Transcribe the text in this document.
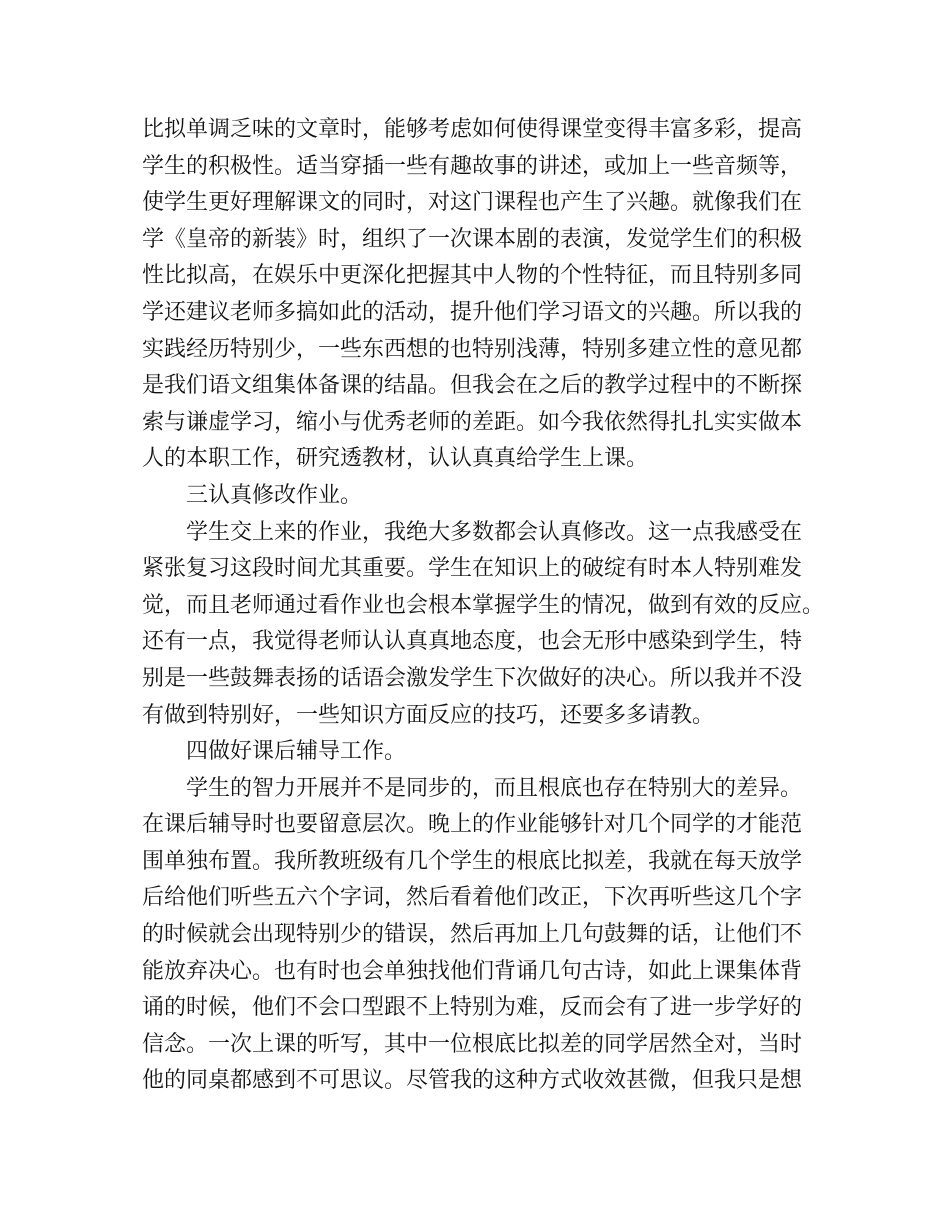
比拟单调乏味的文章时，能够考虑如何使得课堂变得丰富多彩，提高
学生的积极性。适当穿插一些有趣故事的讲述，或加上一些音频等，
使学生更好理解课文的同时，对这门课程也产生了兴趣。就像我们在
学《皇帝的新装》时，组织了一次课本剧的表演，发觉学生们的积极
性比拟高，在娱乐中更深化把握其中人物的个性特征，而且特别多同
学还建议老师多搞如此的活动，提升他们学习语文的兴趣。所以我的
实践经历特别少，一些东西想的也特别浅薄，特别多建立性的意见都
是我们语文组集体备课的结晶。但我会在之后的教学过程中的不断探
索与谦虚学习，缩小与优秀老师的差距。如今我依然得扎扎实实做本
人的本职工作，研究透教材，认认真真给学生上课。
三认真修改作业。
学生交上来的作业，我绝大多数都会认真修改。这一点我感受在
紧张复习这段时间尤其重要。学生在知识上的破绽有时本人特别难发
觉，而且老师通过看作业也会根本掌握学生的情况，做到有效的反应。
还有一点，我觉得老师认认真真地态度，也会无形中感染到学生，特
别是一些鼓舞表扬的话语会激发学生下次做好的决心。所以我并不没
有做到特别好，一些知识方面反应的技巧，还要多多请教。
四做好课后辅导工作。
学生的智力开展并不是同步的，而且根底也存在特别大的差异。
在课后辅导时也要留意层次。晚上的作业能够针对几个同学的才能范
围单独布置。我所教班级有几个学生的根底比拟差，我就在每天放学
后给他们听些五六个字词，然后看着他们改正，下次再听些这几个字
的时候就会出现特别少的错误，然后再加上几句鼓舞的话，让他们不
能放弃决心。也有时也会单独找他们背诵几句古诗，如此上课集体背
诵的时候，他们不会口型跟不上特别为难，反而会有了进一步学好的
信念。一次上课的听写，其中一位根底比拟差的同学居然全对，当时
他的同桌都感到不可思议。尽管我的这种方式收效甚微，但我只是想
